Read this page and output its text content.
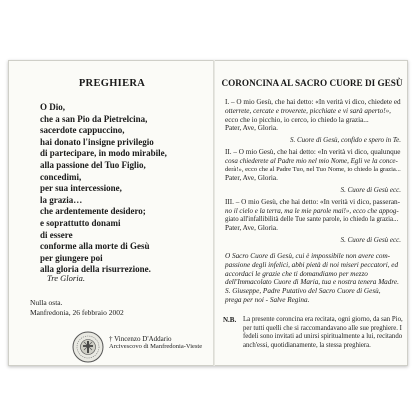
PREGHIERA
O Dio,
che a san Pio da Pietrelcina,
sacerdote cappuccino,
hai donato l'insigne privilegio
di partecipare, in modo mirabile,
alla passione del Tuo Figlio,
concedimi,
per sua intercessione,
la grazia…
che ardentemente desidero;
e soprattutto donami
di essere
conforme alla morte di Gesù
per giungere poi
alla gloria della risurrezione.
Tre Gloria.
Nulla osta.
Manfredonia, 26 febbraio 2002
† Vincenzo D'Addario
Arcivescovo di Manfredonia-Vieste
CORONCINA AL SACRO CUORE DI GESÙ

I. – O mio Gesù, che hai detto: «In verità vi dico, chiedete ed
otterrete, cercate e troverete, picchiate e vi sarà aperto!»,
ecco che io picchio, io cerco, io chiedo la grazia...
Pater, Ave, Gloria.

S. Cuore di Gesù, confido e spero in Te.

II. – O mio Gesù, che hai detto: «In verità vi dico, qualunque
cosa chiederete al Padre mio nel mio Nome, Egli ve la conce-
derà!», ecco che al Padre Tuo, nel Tuo Nome, io chiedo la grazia...
Pater, Ave, Gloria.

S. Cuore di Gesù ecc.

III. – O mio Gesù, che hai detto: «In verità vi dico, passeran-
no il cielo e la terra, ma le mie parole mai!», ecco che appog-
giato all'infallibilità delle Tue sante parole, io chiedo la grazia...
Pater, Ave, Gloria.

S. Cuore di Gesù ecc.

O Sacro Cuore di Gesù, cui è impossibile non avere com-
passione degli infelici, abbi pietà di noi miseri peccatori, ed
accordaci le grazie che ti domandiamo per mezzo
dell'Immacolato Cuore di Maria, tua e nostra tenera Madre.
S. Giuseppe, Padre Putativo del Sacro Cuore di Gesù,
prega per noi - Salve Regina.

N.B. La presente coroncina era recitata, ogni giorno, da san Pio,
per tutti quelli che si raccomandavano alle sue preghiere. I
fedeli sono invitati ad unirsi spiritualmente a lui, recitando
anch'essi, quotidianamente, la stessa preghiera.
